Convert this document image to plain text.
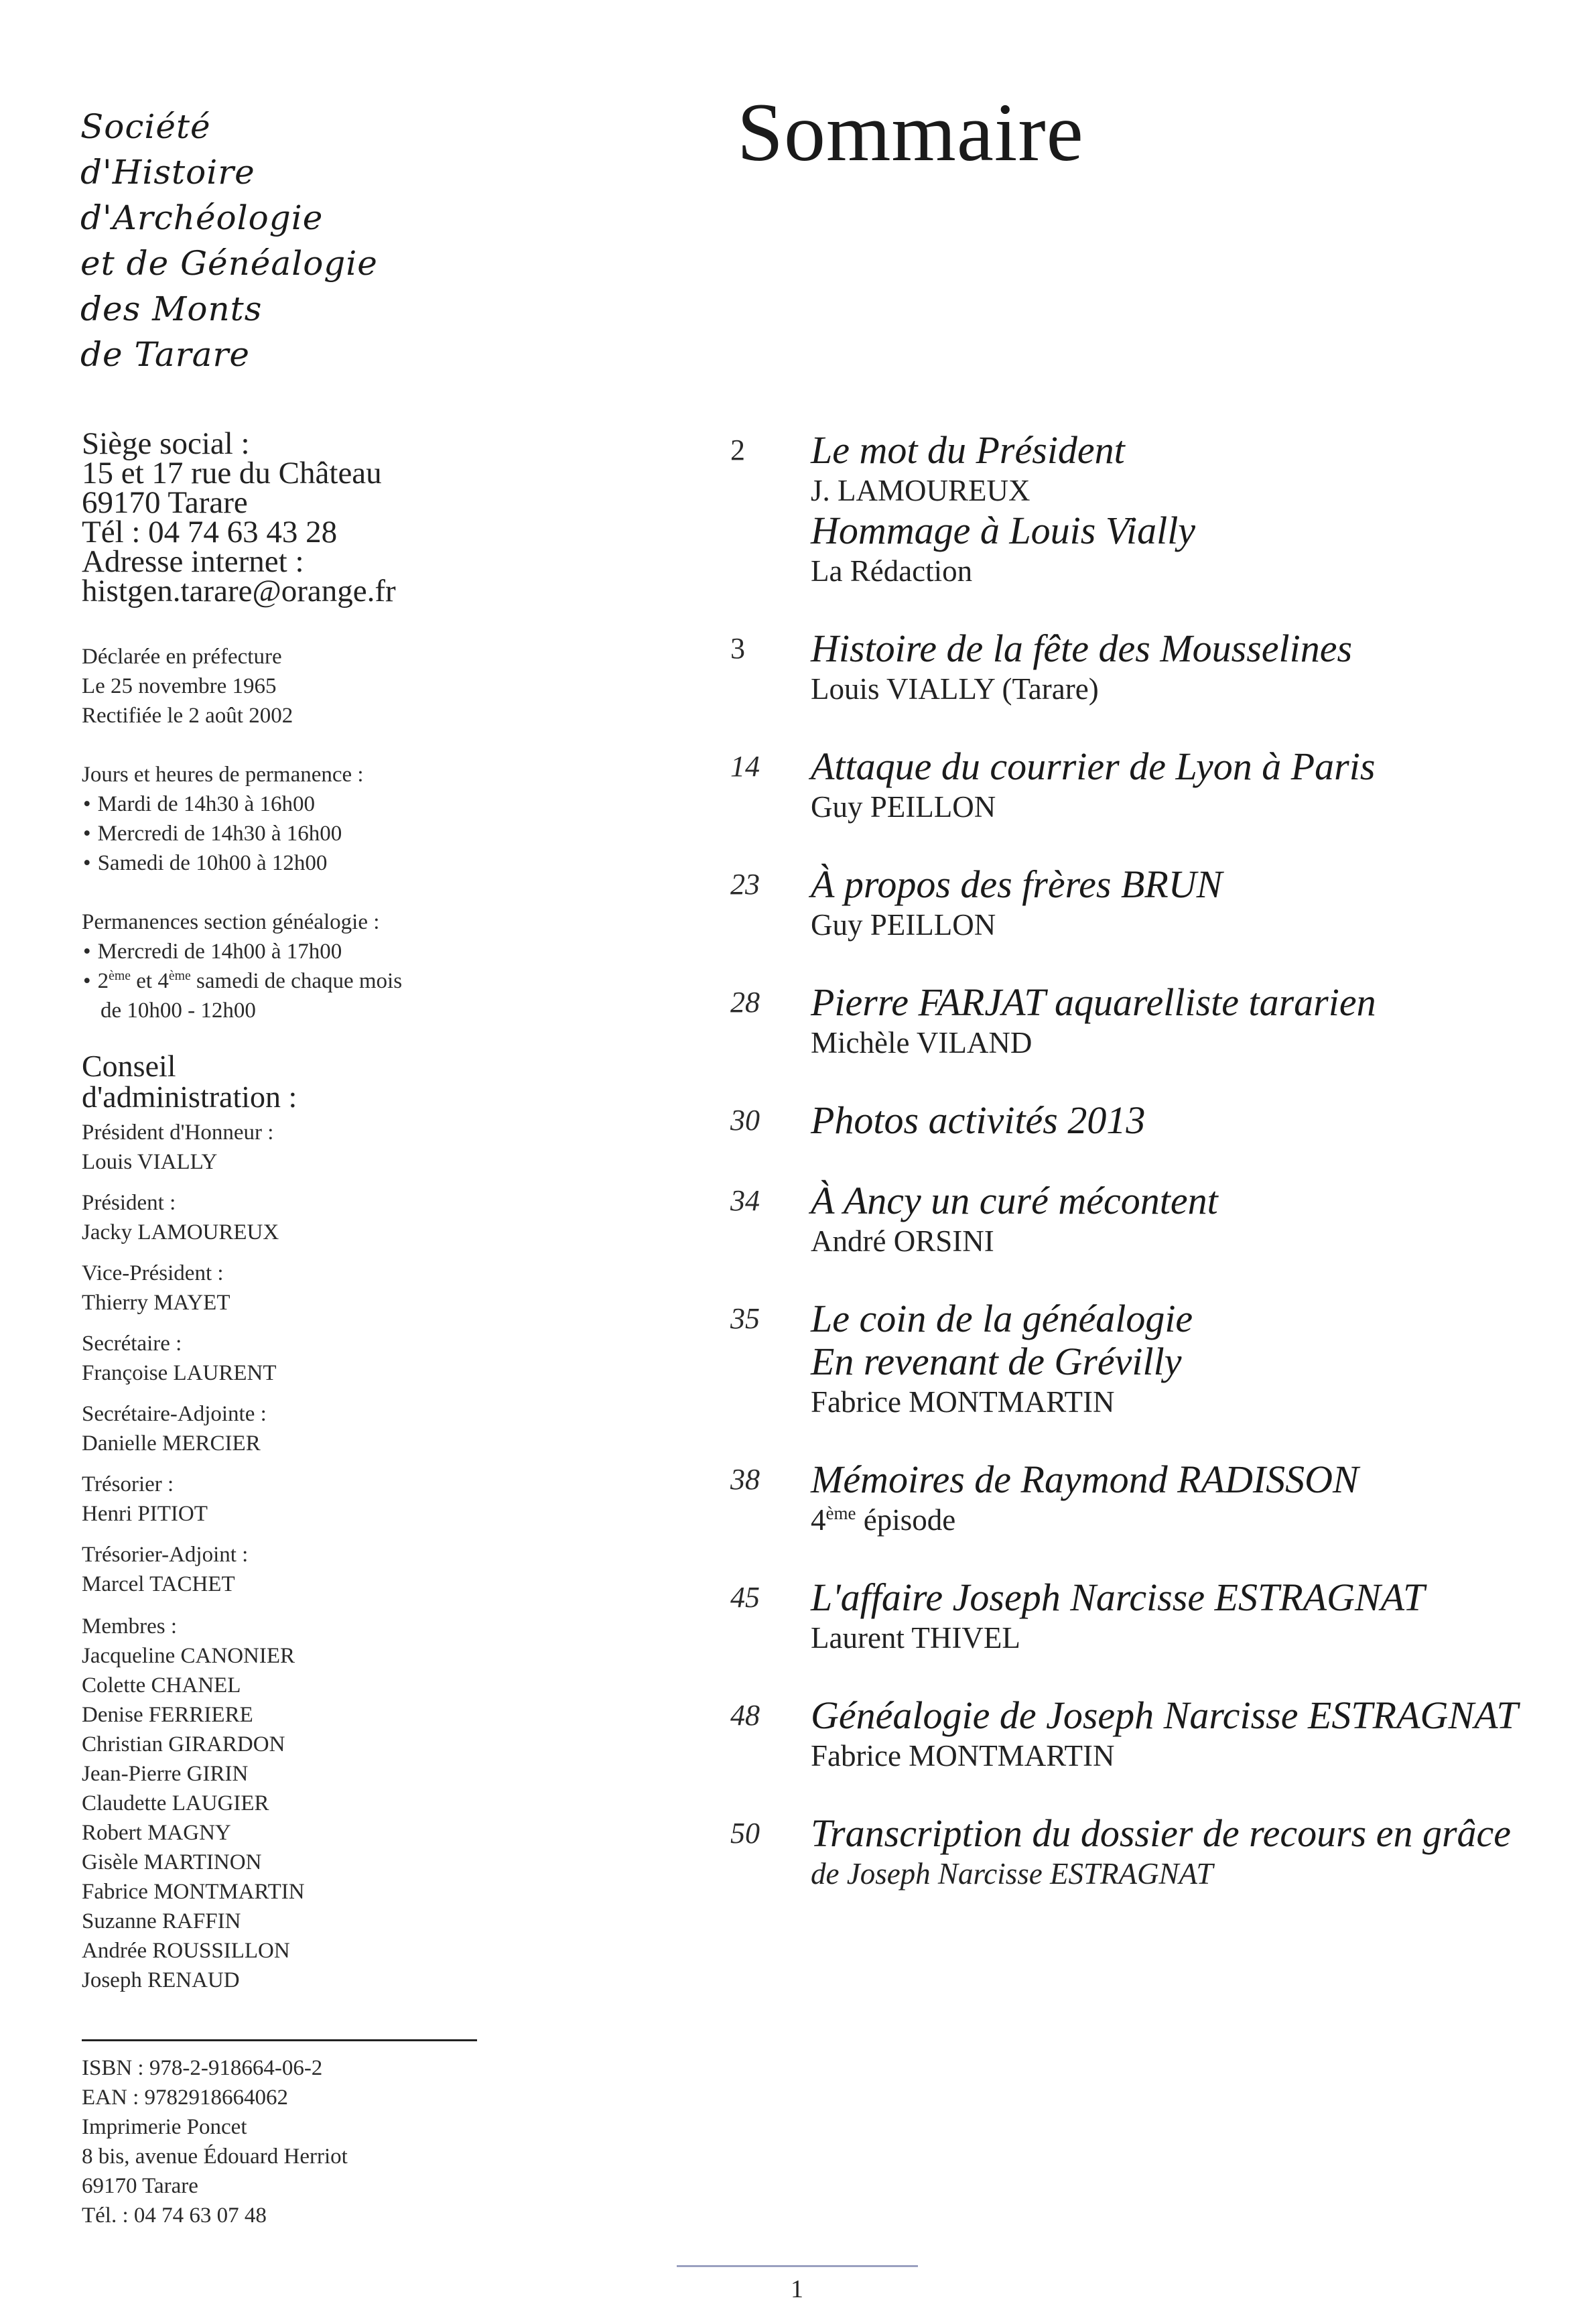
Société
d'Histoire
d'Archéologie
et de Généalogie
des Monts
de Tarare
Siège social :
15 et 17 rue du Château
69170 Tarare
Tél : 04 74 63 43 28
Adresse internet :
histgen.tarare@orange.fr
Déclarée en préfecture
Le 25 novembre 1965
Rectifiée le 2 août 2002
Jours et heures de permanence :
• Mardi de 14h30 à 16h00
• Mercredi de 14h30 à 16h00
• Samedi de 10h00 à 12h00
Permanences section généalogie :
• Mercredi de 14h00 à 17h00
• 2ème et 4ème samedi de chaque mois
de 10h00 - 12h00
Conseil
d'administration :
Président d'Honneur :
Louis VIALLY
Président :
Jacky LAMOUREUX
Vice-Président :
Thierry MAYET
Secrétaire :
Françoise LAURENT
Secrétaire-Adjointe :
Danielle MERCIER
Trésorier :
Henri PITIOT
Trésorier-Adjoint :
Marcel TACHET
Membres :
Jacqueline CANONIER
Colette CHANEL
Denise FERRIERE
Christian GIRARDON
Jean-Pierre GIRIN
Claudette LAUGIER
Robert MAGNY
Gisèle MARTINON
Fabrice MONTMARTIN
Suzanne RAFFIN
Andrée ROUSSILLON
Joseph RENAUD
ISBN : 978-2-918664-06-2
EAN : 9782918664062
Imprimerie Poncet
8 bis, avenue Édouard Herriot
69170 Tarare
Tél. : 04 74 63 07 48
Sommaire
2	Le mot du Président
J. LAMOUREUX
Hommage à Louis Vially
La Rédaction
3	Histoire de la fête des Mousselines
Louis VIALLY (Tarare)
14	Attaque du courrier de Lyon à Paris
Guy PEILLON
23	À propos des frères BRUN
Guy PEILLON
28	Pierre FARJAT aquarelliste tararien
Michèle VILAND
30	Photos activités 2013
34	À Ancy un curé mécontent
André ORSINI
35	Le coin de la généalogie
En revenant de Grévilly
Fabrice MONTMARTIN
38	Mémoires de Raymond RADISSON
4ème épisode
45	L'affaire Joseph Narcisse ESTRAGNAT
Laurent THIVEL
48	Généalogie de Joseph Narcisse ESTRAGNAT
Fabrice MONTMARTIN
50	Transcription du dossier de recours en grâce
de Joseph Narcisse ESTRAGNAT
1
